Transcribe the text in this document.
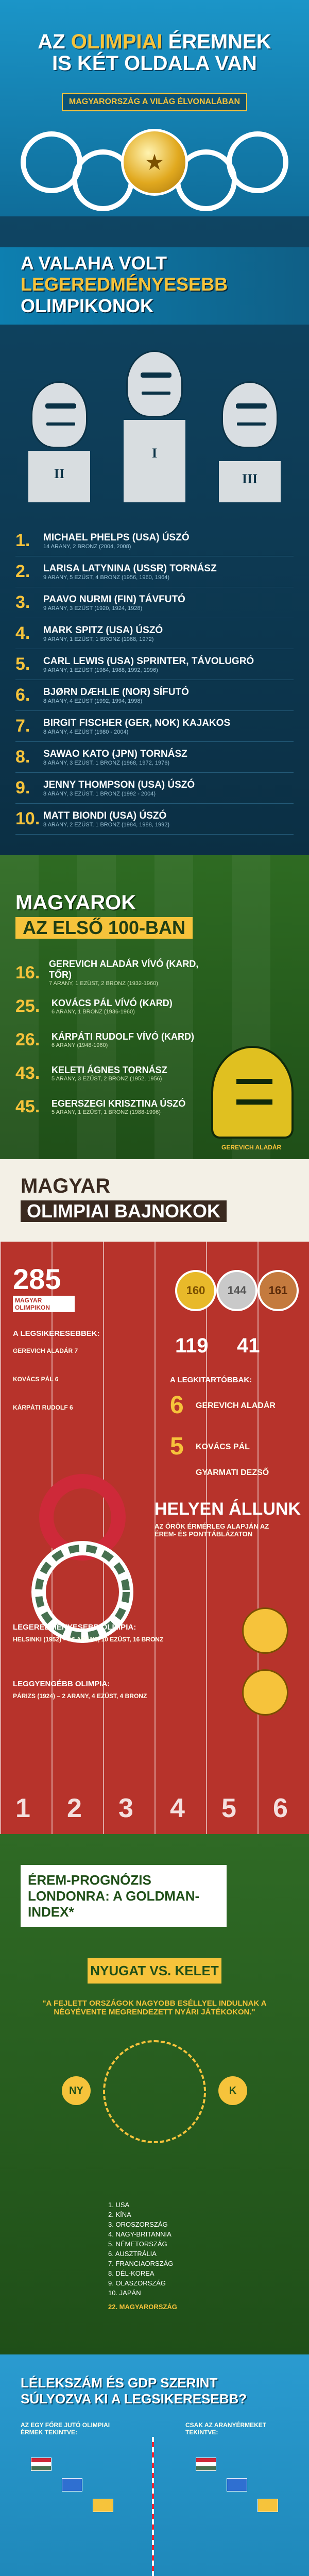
AZ OLIMPIAI ÉREMNEK
IS KÉT OLDALA VAN
MAGYARORSZÁG A VILÁG ÉLVONALÁBAN
★
A VALAHA VOLT
LEGEREDMÉNYESEBB
OLIMPIKONOK
II
I
III
1.	MICHAEL PHELPS (USA) ÚSZÓ
14 ARANY, 2 BRONZ (2004, 2008)
2.	LARISA LATYNINA (USSR) TORNÁSZ
9 ARANY, 5 EZÜST, 4 BRONZ (1956, 1960, 1964)
3.	PAAVO NURMI (FIN) TÁVFUTÓ
9 ARANY, 3 EZÜST (1920, 1924, 1928)
4.	MARK SPITZ (USA) ÚSZÓ
9 ARANY, 1 EZÜST, 1 BRONZ (1968, 1972)
5.	CARL LEWIS (USA) SPRINTER, TÁVOLUGRÓ
9 ARANY, 1 EZÜST (1984, 1988, 1992, 1996)
6.	BJØRN DÆHLIE (NOR) SÍFUTÓ
8 ARANY, 4 EZÜST (1992, 1994, 1998)
7.	BIRGIT FISCHER (GER, NOK) KAJAKOS
8 ARANY, 4 EZÜST (1980 - 2004)
8.	SAWAO KATO (JPN) TORNÁSZ
8 ARANY, 3 EZÜST, 1 BRONZ (1968, 1972, 1976)
9.	JENNY THOMPSON (USA) ÚSZÓ
8 ARANY, 3 EZÜST, 1 BRONZ (1992 - 2004)
10. MATT BIONDI (USA) ÚSZÓ
8 ARANY, 2 EZÜST, 1 BRONZ (1984, 1988, 1992)
MAGYAROK
AZ ELSŐ 100-BAN
16. GEREVICH ALADÁR VÍVÓ (KARD, TŐR)
7 ARANY, 1 EZÜST, 2 BRONZ (1932-1960)
25.	KOVÁCS PÁL VÍVÓ (KARD)
6 ARANY, 1 BRONZ (1936-1960)
26.	KÁRPÁTI RUDOLF VÍVÓ (KARD)
6 ARANY (1948-1960)
43.	KELETI ÁGNES TORNÁSZ
5 ARANY, 3 EZÜST, 2 BRONZ (1952, 1956)
45.	EGERSZEGI KRISZTINA ÚSZÓ
5 ARANY, 1 EZÜST, 1 BRONZ (1988-1996)
GEREVICH ALADÁR
MAGYAR
OLIMPIAI BAJNOKOK
285
MAGYAR OLIMPIKON
160	144	161
119 41
A LEGSIKERESEBBEK:
GEREVICH ALADÁR 7
KOVÁCS PÁL 6
KÁRPÁTI RUDOLF 6
A LEGKITARTÓBBAK:
6 GEREVICH ALADÁR
5 KOVÁCS PÁL
GYARMATI DEZSŐ
HELYEN ÁLLUNK
AZ ÖRÖK ÉRMÉRLEG ALAPJÁN AZ ÉREM- ÉS PONTTÁBLÁZATON
LEGEREDMÉNYESEBB OLIMPIA:
HELSINKI (1952) – 16 ARANY, 10 EZÜST, 16 BRONZ
LEGGYENGÉBB OLIMPIA:
PÁRIZS (1924) – 2 ARANY, 4 EZÜST, 4 BRONZ
1 2 3 4 5 6
ÉREM-PROGNÓZIS LONDONRA: A GOLDMAN-INDEX*
NYUGAT VS. KELET
"A FEJLETT ORSZÁGOK NAGYOBB ESÉLLYEL INDULNAK A NÉGYÉVENTE MEGRENDEZETT NYÁRI JÁTÉKOKON."
NY	K
1. USA
2. KÍNA
3. OROSZORSZÁG
4. NAGY-BRITANNIA
5. NÉMETORSZÁG
6. AUSZTRÁLIA
7. FRANCIAORSZÁG
8. DÉL-KOREA
9. OLASZORSZÁG
10. JAPÁN
22. MAGYARORSZÁG
LÉLEKSZÁM ÉS GDP SZERINT SÚLYOZVA KI A LEGSIKERESEBB?
AZ EGY FŐRE JUTÓ OLIMPIAI ÉRMEK TEKINTVE:
CSAK AZ ARANYÉRMEKET TEKINTVE:
